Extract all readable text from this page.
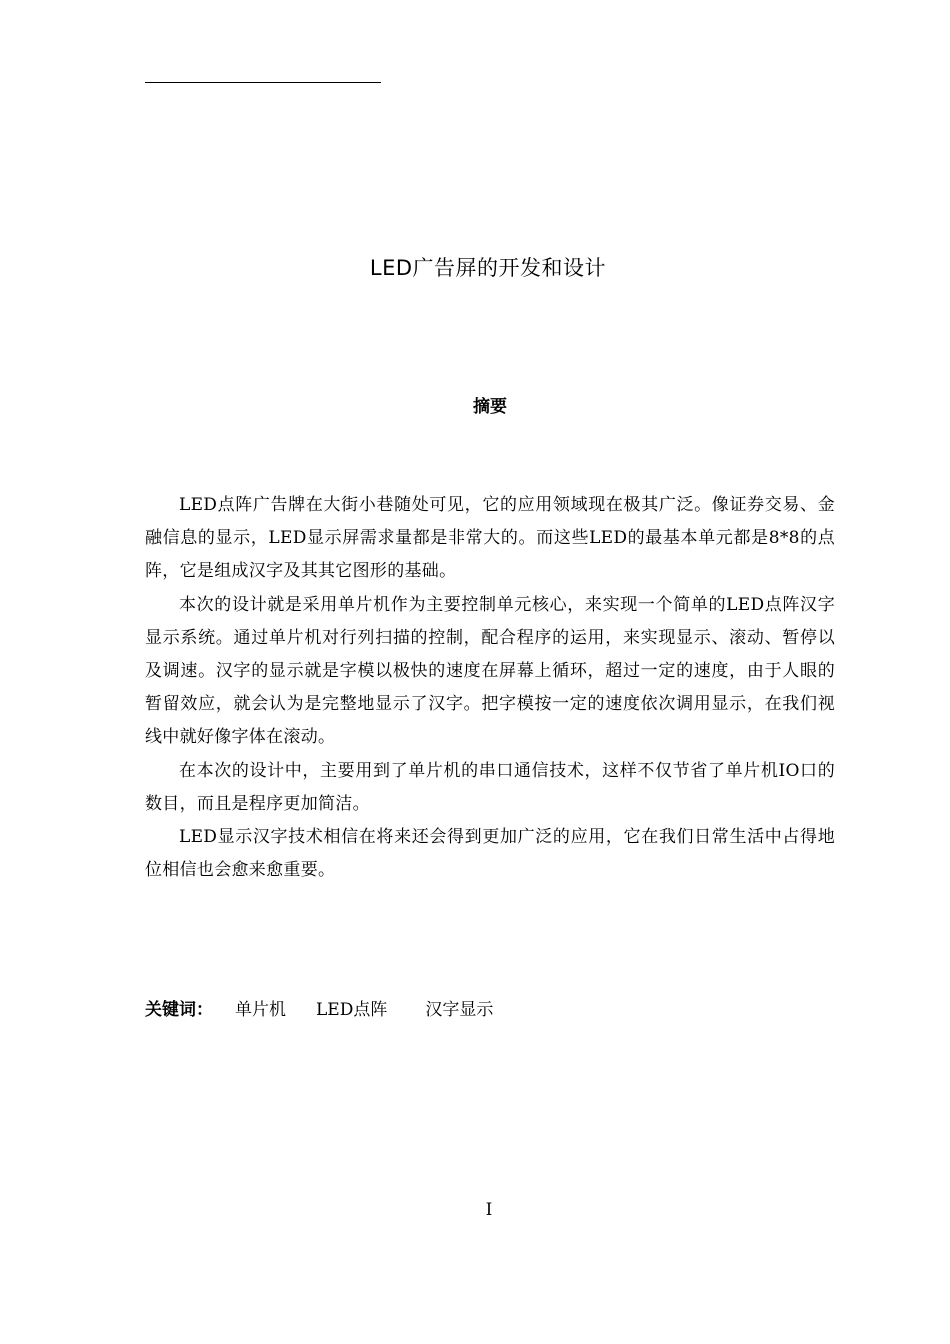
LED广告屏的开发和设计
摘要

LED点阵广告牌在大街小巷随处可见，它的应用领域现在极其广泛。像证券交易、金融信息的显示，LED显示屏需求量都是非常大的。而这些LED的最基本单元都是8*8的点阵，它是组成汉字及其其它图形的基础。

本次的设计就是采用单片机作为主要控制单元核心，来实现一个简单的LED点阵汉字显示系统。通过单片机对行列扫描的控制，配合程序的运用，来实现显示、滚动、暂停以及调速。汉字的显示就是字模以极快的速度在屏幕上循环，超过一定的速度，由于人眼的暂留效应，就会认为是完整地显示了汉字。把字模按一定的速度依次调用显示，在我们视线中就好像字体在滚动。

在本次的设计中，主要用到了单片机的串口通信技术，这样不仅节省了单片机IO口的数目，而且是程序更加简洁。

LED显示汉字技术相信在将来还会得到更加广泛的应用，它在我们日常生活中占得地位相信也会愈来愈重要。

关键词： 单片机 LED点阵 汉字显示
I
